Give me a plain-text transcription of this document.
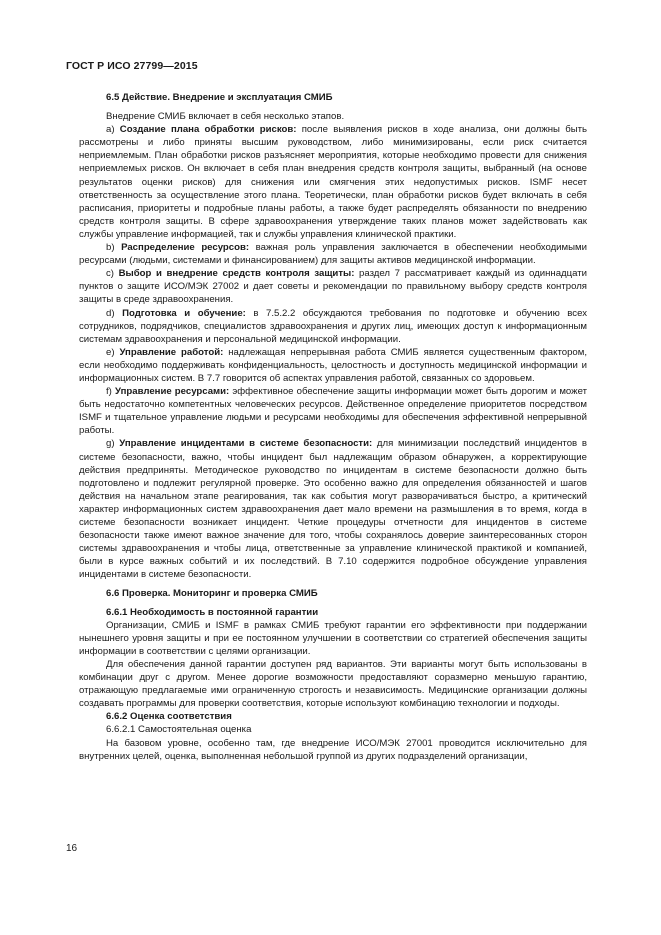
ГОСТ Р ИСО 27799—2015
6.5 Действие. Внедрение и эксплуатация СМИБ

Внедрение СМИБ включает в себя несколько этапов.

a) Создание плана обработки рисков: после выявления рисков в ходе анализа, они должны быть рассмотрены и либо приняты высшим руководством, либо минимизированы, если риск считается неприемлемым. План обработки рисков разъясняет мероприятия, которые необходимо провести для снижения неприемлемых рисков. Он включает в себя план внедрения средств контроля защиты, выбранный (на основе результатов оценки рисков) для снижения или смягчения этих недопустимых рисков. ISMF несет ответственность за осуществление этого плана. Теоретически, план обработки рисков будет включать в себя расписания, приоритеты и подробные планы работы, а также будет распределять обязанности по внедрению средств контроля защиты. В сфере здравоохранения утверждение таких планов может задействовать как службы управление информацией, так и службы управления клинической практики.

b) Распределение ресурсов: важная роль управления заключается в обеспечении необходимыми ресурсами (людьми, системами и финансированием) для защиты активов медицинской информации.

c) Выбор и внедрение средств контроля защиты: раздел 7 рассматривает каждый из одиннадцати пунктов о защите ИСО/МЭК 27002 и дает советы и рекомендации по правильному выбору средств контроля защиты в среде здравоохранения.

d) Подготовка и обучение: в 7.5.2.2 обсуждаются требования по подготовке и обучению всех сотрудников, подрядчиков, специалистов здравоохранения и других лиц, имеющих доступ к информационным системам здравоохранения и персональной медицинской информации.

e) Управление работой: надлежащая непрерывная работа СМИБ является существенным фактором, если необходимо поддерживать конфиденциальность, целостность и доступность медицинской информации и информационных систем. В 7.7 говорится об аспектах управления работой, связанных со здоровьем.

f) Управление ресурсами: эффективное обеспечение защиты информации может быть дорогим и может быть недостаточно компетентных человеческих ресурсов. Действенное определение приоритетов посредством ISMF и тщательное управление людьми и ресурсами необходимы для обеспечения эффективной непрерывной работы.

g) Управление инцидентами в системе безопасности: для минимизации последствий инцидентов в системе безопасности, важно, чтобы инцидент был надлежащим образом обнаружен, а корректирующие действия предприняты. Методическое руководство по инцидентам в системе безопасности должно быть подготовлено и подлежит регулярной проверке. Это особенно важно для определения обязанностей и шагов действия на начальном этапе реагирования, так как события могут разворачиваться быстро, а критический характер информационных систем здравоохранения дает мало времени на размышления в то время, когда в системе безопасности возникает инцидент. Четкие процедуры отчетности для инцидентов в системе безопасности также имеют важное значение для того, чтобы сохранялось доверие заинтересованных сторон системы здравоохранения и чтобы лица, ответственные за управление клинической практикой и компанией, были в курсе важных событий и их последствий. В 7.10 содержится подробное обсуждение управления инцидентами в системе безопасности.

6.6 Проверка. Мониторинг и проверка СМИБ
6.6.1 Необходимость в постоянной гарантии

Организации, СМИБ и ISMF в рамках СМИБ требуют гарантии его эффективности при поддержании нынешнего уровня защиты и при ее постоянном улучшении в соответствии со стратегией обеспечения защиты информации в соответствии с целями организации.

Для обеспечения данной гарантии доступен ряд вариантов. Эти варианты могут быть использованы в комбинации друг с другом. Менее дорогие возможности предоставляют соразмерно меньшую гарантию, отражающую предлагаемые ими ограниченную строгость и независимость. Медицинские организации должны создавать программы для проверки соответствия, которые используют комбинацию технологии и подходы.

6.6.2 Оценка соответствия
6.6.2.1 Самостоятельная оценка

На базовом уровне, особенно там, где внедрение ИСО/МЭК 27001 проводится исключительно для внутренних целей, оценка, выполненная небольшой группой из других подразделений организации,

16
